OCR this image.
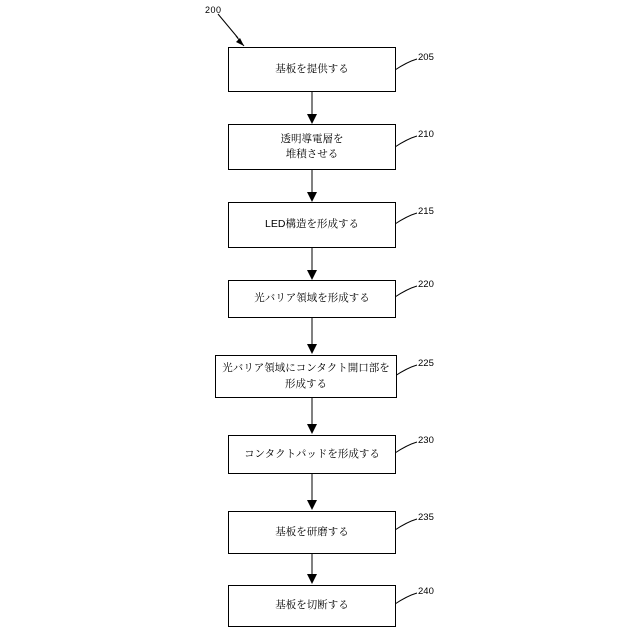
200
基板を提供する
205
透明導電層を
堆積させる
210
LED構造を形成する
215
光バリア領域を形成する
220
光バリア領域にコンタクト開口部を
形成する
225
コンタクトパッドを形成する
230
基板を研磨する
235
基板を切断する
240
